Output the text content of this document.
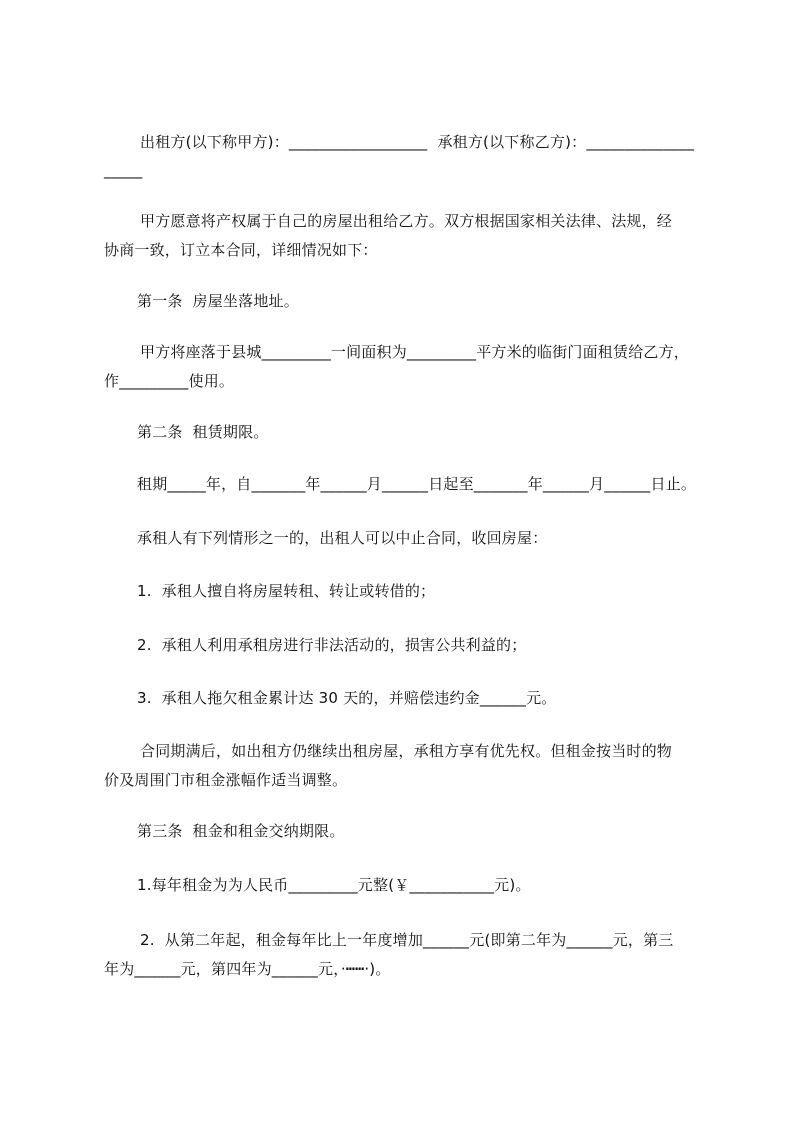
出租方(以下称甲方)：__________________  承租方(以下称乙方)：______________
_____
甲方愿意将产权属于自己的房屋出租给乙方。双方根据国家相关法律、法规，经
协商一致，订立本合同，详细情况如下：
第一条  房屋坐落地址。
甲方将座落于县城_________一间面积为_________平方米的临街门面租赁给乙方，
作_________使用。
第二条  租赁期限。
租期_____年，自_______年______月______日起至_______年______月______日止。
承租人有下列情形之一的，出租人可以中止合同，收回房屋：
1.  承租人擅自将房屋转租、转让或转借的；
2.  承租人利用承租房进行非法活动的，损害公共利益的；
3.  承租人拖欠租金累计达 30 天的，并赔偿违约金______元。
合同期满后，如出租方仍继续出租房屋，承租方享有优先权。但租金按当时的物
价及周围门市租金涨幅作适当调整。
第三条  租金和租金交纳期限。
1.每年租金为为人民币_________元整(￥___________元)。
2.  从第二年起，租金每年比上一年度增加______元(即第二年为______元，第三
年为______元，第四年为______元，·┅┅·)。
